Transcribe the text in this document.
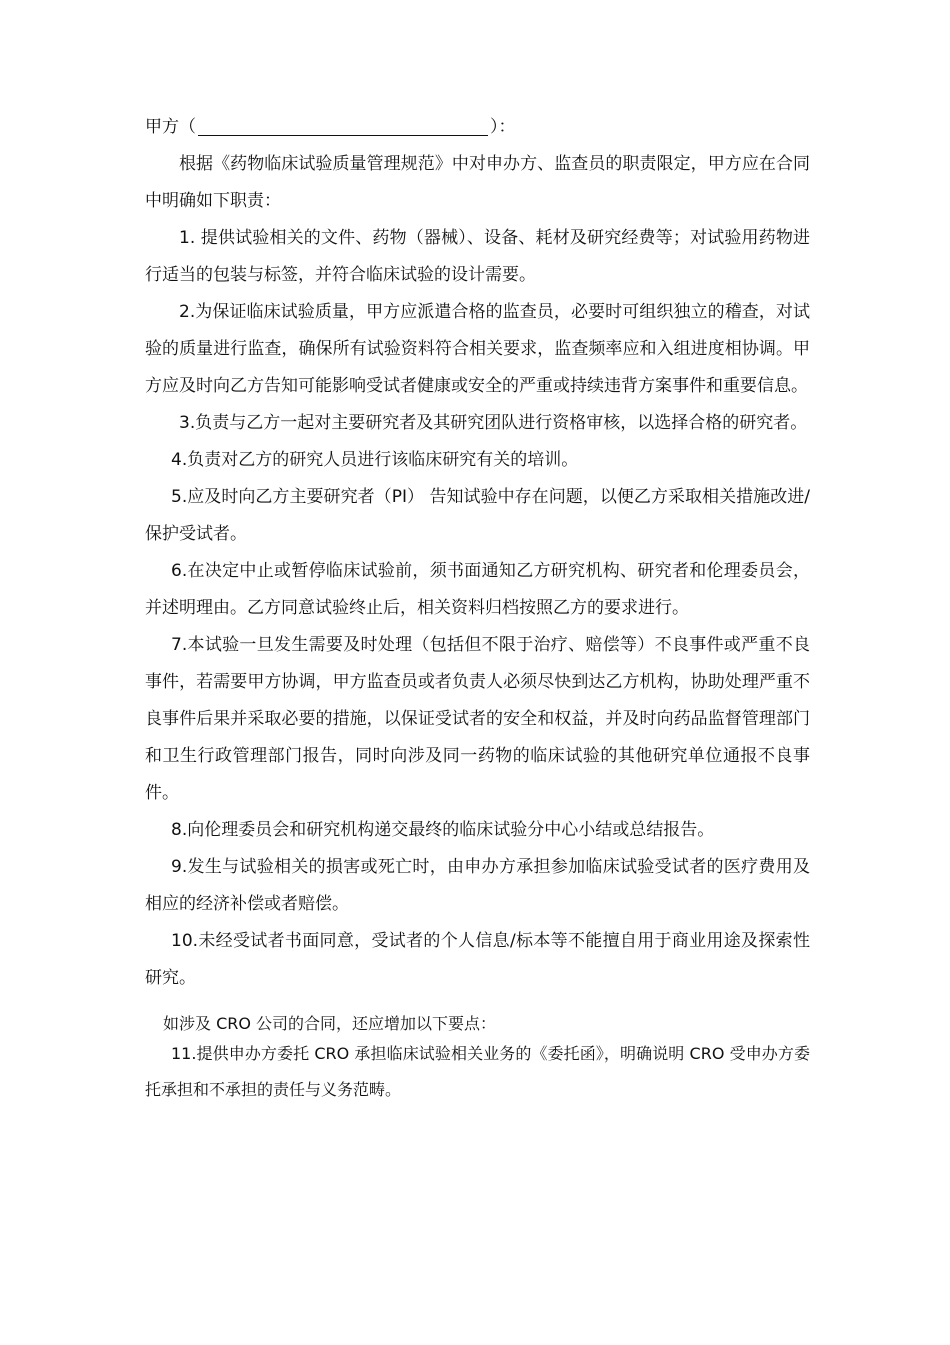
甲方（	）：

根据《药物临床试验质量管理规范》中对申办方、监查员的职责限定，甲方应在合同中明确如下职责：

1. 提供试验相关的文件、药物（器械）、设备、耗材及研究经费等；对试验用药物进行适当的包装与标签，并符合临床试验的设计需要。

2.为保证临床试验质量，甲方应派遣合格的监查员，必要时可组织独立的稽查，对试验的质量进行监查，确保所有试验资料符合相关要求，监查频率应和入组进度相协调。甲方应及时向乙方告知可能影响受试者健康或安全的严重或持续违背方案事件和重要信息。

3.负责与乙方一起对主要研究者及其研究团队进行资格审核，以选择合格的研究者。

4.负责对乙方的研究人员进行该临床研究有关的培训。

5.应及时向乙方主要研究者（PI） 告知试验中存在问题，以便乙方采取相关措施改进/保护受试者。

6.在决定中止或暂停临床试验前，须书面通知乙方研究机构、研究者和伦理委员会，并述明理由。乙方同意试验终止后，相关资料归档按照乙方的要求进行。

7.本试验一旦发生需要及时处理（包括但不限于治疗、赔偿等）不良事件或严重不良事件，若需要甲方协调，甲方监查员或者负责人必须尽快到达乙方机构，协助处理严重不良事件后果并采取必要的措施，以保证受试者的安全和权益，并及时向药品监督管理部门和卫生行政管理部门报告，同时向涉及同一药物的临床试验的其他研究单位通报不良事件。

8.向伦理委员会和研究机构递交最终的临床试验分中心小结或总结报告。

9.发生与试验相关的损害或死亡时，由申办方承担参加临床试验受试者的医疗费用及相应的经济补偿或者赔偿。

10.未经受试者书面同意，受试者的个人信息/标本等不能擅自用于商业用途及探索性研究。

如涉及 CRO 公司的合同，还应增加以下要点：

11.提供申办方委托 CRO 承担临床试验相关业务的《委托函》，明确说明 CRO 受申办方委托承担和不承担的责任与义务范畴。
